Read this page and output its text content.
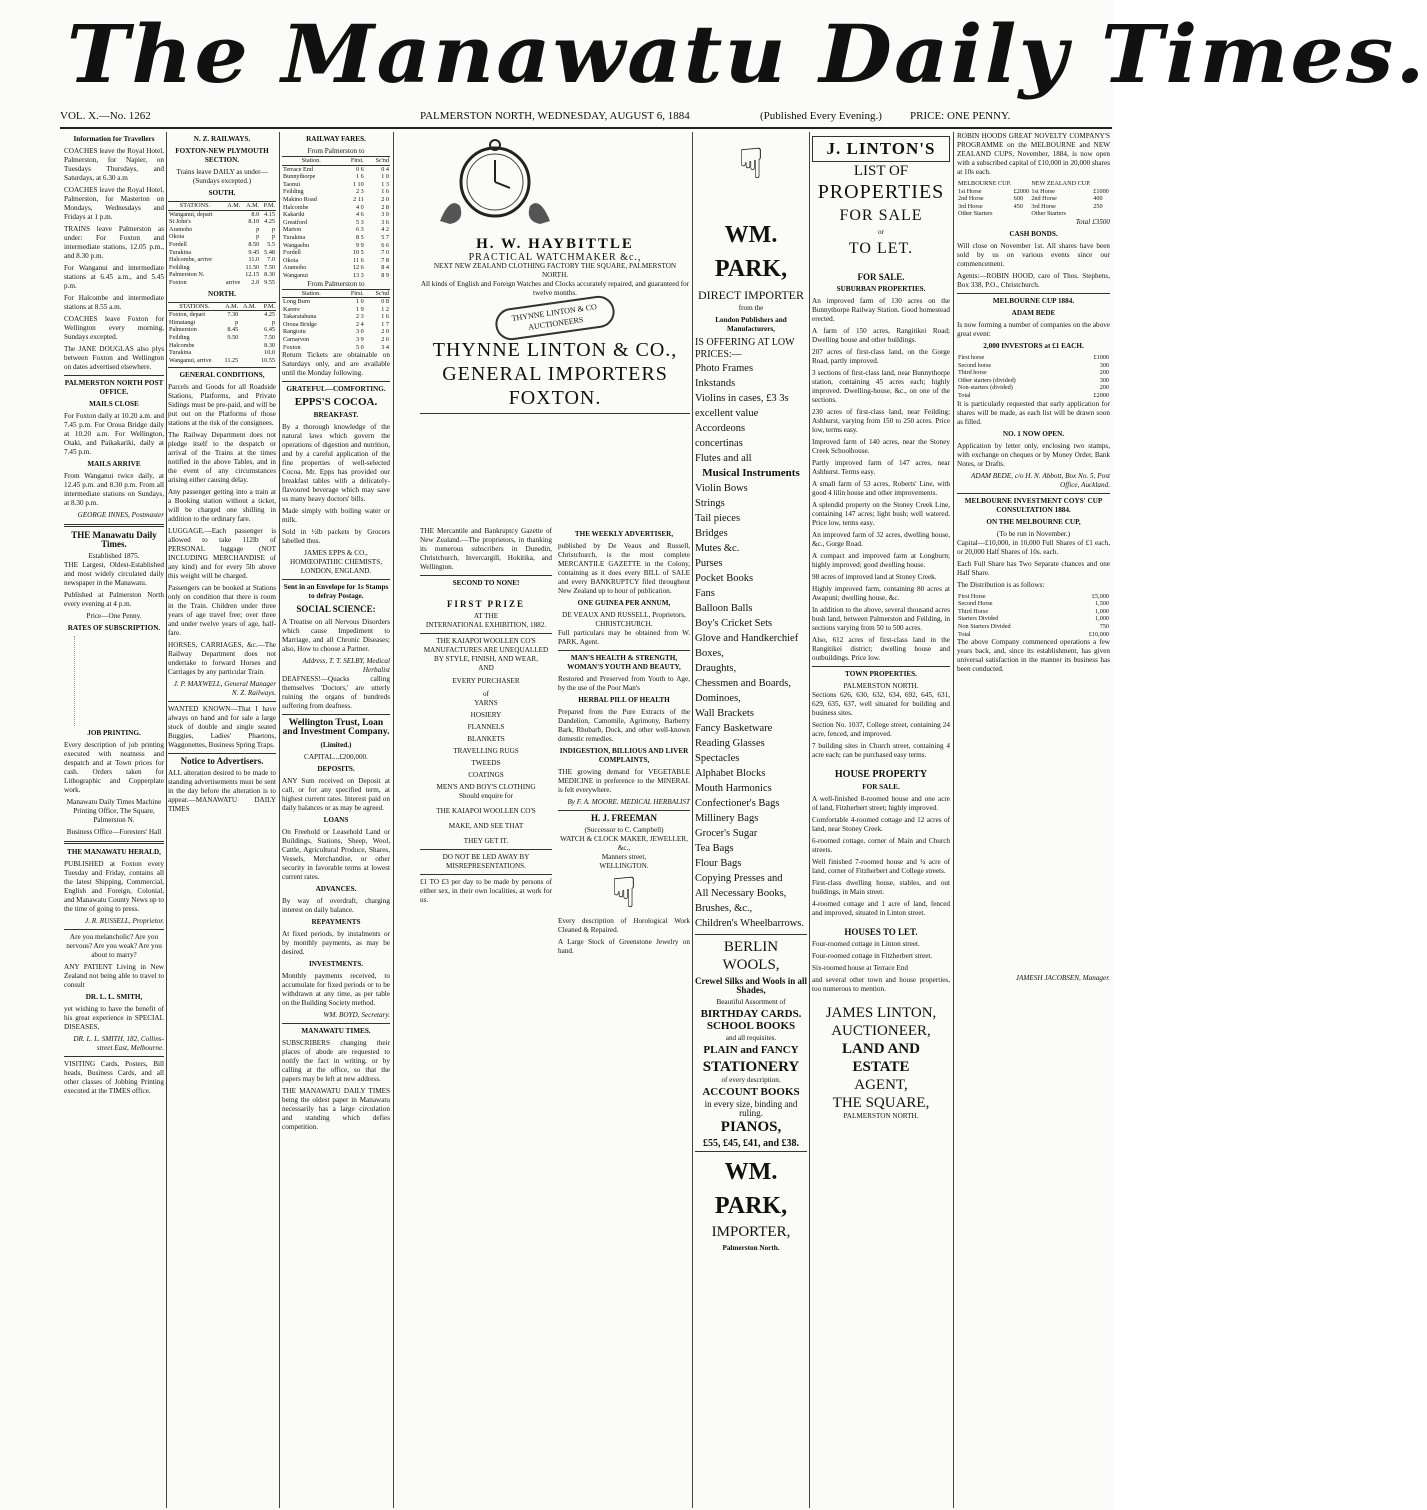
The Manawatu Daily Times.
VOL. X.—No. 1262	PALMERSTON NORTH, WEDNESDAY, AUGUST 6, 1884	(Published Every Evening.)	PRICE: ONE PENNY.
Information for Travellers

COACHES leave the Royal Hotel, Palmerston, for Napier, on Tuesdays Thursdays, and Saturdays, at 6.30 a.m

COACHES leave the Royal Hotel, Palmerston, for Masterton on Mondays, Wednesdays and Fridays at 1 p.m.

TRAINS leave Palmerston as under: For Foxton and intermediate stations, 12.05 p.m., and 8.30 p.m.

For Wanganui and intermediate stations at 6.45 a.m., and 5.45 p.m.

For Halcombe and intermediate stations at 8.55 a.m.

COACHES leave Foxton for Wellington every morning, Sundays excepted.

The JANE DOUGLAS also plys between Foxton and Wellington on dates advertised elsewhere.

PALMERSTON NORTH POST OFFICE.
MAILS CLOSE

For Foxton daily at 10.20 a.m. and 7.45 p.m. For Oroua Bridge daily at 10.20 a.m. For Wellington, Otaki, and Paikakariki, daily at 7.45 p.m.

MAILS ARRIVE

From Wanganui twice daily, at 12.45 p.m. and 8.30 p.m. From all intermediate stations on Sundays, at 8.30 p.m.

GEORGE INNES, Postmaster
THE Manawatu Daily Times.
Established 1875.

THE Largest, Oldest-Established and most widely circulated daily newspaper in the Manawatu.

Published at Palmerston North every evening at 4 p.m.

Price—One Penny.
RATES OF SUBSCRIPTION.
JOB PRINTING.

Every description of job printing executed with neatness and despatch and at Town prices for cash. Orders taken for Lithographic and Copperplate work.

Manawatu Daily Times Machine Printing Office, The Square, Palmerston N.

Business Office—Foresters' Hall

THE MANAWATU HERALD,

PUBLISHED at Foxton every Tuesday and Friday, contains all the latest Shipping, Commercial, English and Foreign, Colonial, and Manawatu County News up to the time of going to press.

J. R. RUSSELL, Proprietor.

Are you melancholic? Are you nervous? Are you weak? Are you about to marry?

ANY PATIENT Living in New Zealand not being able to travel to consult

DR. L. L. SMITH,

yet wishing to have the benefit of his great experience in SPECIAL DISEASES,

DR. L. L. SMITH, 182, Collins-street East, Melbourne.

VISITING Cards, Posters, Bill heads, Business Cards, and all other classes of Jobbing Printing executed at the TIMES office.

N. Z. RAILWAYS.
FOXTON-NEW PLYMOUTH SECTION.

Trains leave DAILY as under—(Sundays excepted.)

SOUTH.
STATIONS.	A.M.	A.M.	P.M.
Wanganui, depart		8.0	4.15
St John's		8.10	4.25
Aramoho		p	p
Okoia		p	p
Fordell		8.50	5.5
Turakina		9.45	5.48
Halcombe, arrive		11.0	7.0
Feilding		11.50	7.50
Palmerston N.		12.15	8.30
Foxton	arrive	2.0	9.55
NORTH.
STATIONS.	A.M.	A.M.	P.M.
Foxton, depart	7.30		4.25
Himatangi	p		p
Palmerston	8.45		6.45
Feilding	9.50		7.50
Halcombe			8.30
Turakina			10.0
Wanganui, arrive	11.25		10.55
GENERAL CONDITIONS,

Parcels and Goods for all Roadside Stations, Platforms, and Private Sidings must be pre-paid, and will be put out on the Platforms of those stations at the risk of the consignees.

The Railway Department does not pledge itself to the despatch or arrival of the Trains at the times notified in the above Tables, and in the event of any circumstances arising either causing delay.

Any passenger getting into a train at a Booking station without a ticket, will be charged one shilling in addition to the ordinary fare.

LUGGAGE.—Each passenger is allowed to take 112lb of PERSONAL luggage (NOT INCLUDING MERCHANDISE of any kind) and for every 5lb above this weight will be charged.

Passengers can be booked at Stations only on condition that there is room in the Train. Children under three years of age travel free; over three and under twelve years of age, half-fare.

HORSES, CARRIAGES, &c.—The Railway Department does not undertake to forward Horses and Carriages by any particular Train.

J. P. MAXWELL, General Manager N. Z. Railways.

WANTED KNOWN—That I have always on hand and for sale a large stock of double and single seated Buggies, Ladies' Phaetons, Waggonettes, Business Spring Traps.

Notice to Advertisers.

ALL alteration desired to be made to standing advertisements must be sent in the day before the alteration is to appear.—MANAWATU DAILY TIMES

RAILWAY FARES.
From Palmerston to
Station.	First.	Sc'nd
Terrace End	0 6	0 4
Bunnythorpe	1 6	1 0
Taonui	1 10	1 3
Feilding	2 3	1 6
Makino Road	2 11	2 0
Halcombe	4 0	2 8
Kakariki	4 6	3 0
Greatford	5 3	3 6
Marton	6 3	4 2
Turakina	8 5	5 7
Wangaehu	9 9	6 6
Fordell	10 5	7 0
Okoia	11 6	7 8
Aramoho	12 6	8 4
Wanganui	13 3	8 9
From Palmerston to
Station.	First.	Sc'nd
Long Burn	1 0	0 8
Karere	1 9	1 2
Takaratahuna	2 3	1 6
Oroua Bridge	2 4	1 7
Rangiotu	3 0	2 0
Carnarvon	3 9	2 6
Foxton	5 0	3 4

Return Tickets are obtainable on Saturdays only, and are available until the Monday following.

GRATEFUL—COMFORTING.
EPPS'S COCOA.
BREAKFAST.

By a thorough knowledge of the natural laws which govern the operations of digestion and nutrition, and by a careful application of the fine properties of well-selected Cocoa, Mr. Epps has provided our breakfast tables with a delicately-flavoured beverage which may save us many heavy doctors' bills.

Made simply with boiling water or milk.

Sold in ½lb packets by Grocers labelled thus.

JAMES EPPS & CO., HOMŒOPATHIC CHEMISTS, LONDON, ENGLAND.
Sent in an Envelope for 1s Stamps to defray Postage.
SOCIAL SCIENCE:

A Treatise on all Nervous Disorders which cause Impediment to Marriage, and all Chronic Diseases; also, How to choose a Partner.

Address, T. T. SELBY, Medical Herbalist

DEAFNESS!—Quacks calling themselves 'Doctors,' are utterly ruining the organs of hundreds suffering from deafness.

Wellington Trust, Loan and Investment Company.
(Limited.)
CAPITAL...£200,000.
DEPOSITS.

ANY Sum received on Deposit at call, or for any specified term, at highest current rates. Interest paid on daily balances or as may be agreed.

LOANS

On Freehold or Leasehold Land or Buildings, Stations, Sheep, Wool, Cattle, Agricultural Produce, Shares, Vessels, Merchandise, or other security in favorable terms at lowest current rates.

ADVANCES.

By way of overdraft, charging interest on daily balance.

REPAYMENTS

At fixed periods, by instalments or by monthly payments, as may be desired.

INVESTMENTS.

Monthly payments received, to accumulate for fixed periods or to be withdrawn at any time, as per table on the Building Society method.

WM. BOYD, Secretary.
MANAWATU TIMES.

SUBSCRIBERS changing their places of abode are requested to notify the fact in writing, or by calling at the office, so that the papers may be left at new address.

THE MANAWATU DAILY TIMES being the oldest paper in Manawatu necessarily has a large circulation and standing which defies competition.

H. W. HAYBITTLE
PRACTICAL WATCHMAKER &c.,
NEXT NEW ZEALAND CLOTHING FACTORY THE SQUARE, PALMERSTON NORTH.
All kinds of English and Foreign Watches and Clocks accurately repaired, and guaranteed for twelve months.
THYNNE LINTON & CO AUCTIONEERS
THYNNE LINTON & CO.,
GENERAL IMPORTERS
FOXTON.

THE Mercantile and Bankruptcy Gazette of New Zealand.—The proprietors, in thanking its numerous subscribers in Dunedin, Christchurch, Invercargill, Hokitika, and Wellington.

SECOND TO NONE!
FIRST PRIZE
AT THE
INTERNATIONAL EXHIBITION, 1882.
THE KAIAPOI WOOLLEN CO'S MANUFACTURES ARE UNEQUALLED BY STYLE, FINISH, AND WEAR,
AND
EVERY PURCHASER
of

YARNS

HOSIERY

FLANNELS

BLANKETS

TRAVELLING RUGS

TWEEDS

COATINGS

MEN'S AND BOY'S CLOTHING
Should enquire for
THE KAIAPOI WOOLLEN CO'S
MAKE, AND SEE THAT
THEY GET IT.
DO NOT BE LED AWAY BY MISREPRESENTATIONS.

£1 TO £3 per day to be made by persons of either sex, in their own localities, at work for us.

THE WEEKLY ADVERTISER,

published by De Veaux and Russell, Christchurch, is the most complete MERCANTILE GAZETTE in the Colony, containing as it does every BILL of SALE and every BANKRUPTCY filed throughout New Zealand up to hour of publication.

ONE GUINEA PER ANNUM,
DE VEAUX AND RUSSELL, Proprietors, CHRISTCHURCH.

Full particulars may be obtained from W. PARK, Agent.

MAN'S HEALTH & STRENGTH, WOMAN'S YOUTH AND BEAUTY,

Restored and Preserved from Youth to Age, by the use of the Poor Man's

HERBAL PILL OF HEALTH

Prepared from the Pure Extracts of the Dandelion, Camomile, Agrimony, Barberry Bark, Rhubarb, Dock, and other well-known domestic remedies.

INDIGESTION, BILLIOUS AND LIVER COMPLAINTS,

THE growing demand for VEGETABLE MEDICINE in preference to the MINERAL is felt everywhere.

By F. A. MOORE. MEDICAL HERBALIST
H. J. FREEMAN
(Successor to C. Campbell)
WATCH & CLOCK MAKER, JEWELLER, &c.,
Manners street,
WELLINGTON.
☟

Every description of Horological Work Cleaned & Repaired.

A Large Stock of Greenstone Jewelry on hand.

☟
WM. PARK,
DIRECT IMPORTER
from the
London Publishers and Manufacturers,
IS OFFERING AT LOW PRICES:—

Photo Frames

Inkstands

Violins in cases, £3 3s

excellent value

Accordeons

concertinas

Flutes and all

Musical Instruments

Violin Bows

Strings

Tail pieces

Bridges

Mutes &c.

Purses

Pocket Books

Fans

Balloon Balls

Boy's Cricket Sets

Glove and Handkerchief

Boxes,

Draughts,

Chessmen and Boards,

Dominoes,

Wall Brackets

Fancy Basketware

Reading Glasses

Spectacles

Alphabet Blocks

Mouth Harmonics

Confectioner's Bags

Millinery Bags

Grocer's Sugar

Tea Bags

Flour Bags

Copying Presses and

All Necessary Books,

Brushes, &c.,

Children's Wheelbarrows.

BERLIN WOOLS,
Crewel Silks and Wools in all Shades,
Beautiful Assortment of
BIRTHDAY CARDS.
SCHOOL BOOKS
and all requisites.
PLAIN and FANCY
STATIONERY
of every description.
ACCOUNT BOOKS
in every size, binding and ruling.
PIANOS,
£55, £45, £41, and £38.
WM. PARK,
IMPORTER,
Palmerston North.
J. LINTON'S
LIST OF
PROPERTIES
FOR SALE
or
TO LET.
FOR SALE.
SUBURBAN PROPERTIES.

An improved farm of 130 acres on the Bunnythorpe Railway Station. Good homestead erected.

A farm of 150 acres, Rangitikei Road; Dwelling house and other buildings.

207 acres of first-class land, on the Gorge Road, partly improved.

3 sections of first-class land, near Bunnythorpe station, containing 45 acres each; highly improved. Dwelling-house, &c., on one of the sections.

230 acres of first-class land, near Feilding; Ashhurst, varying from 150 to 250 acres. Price low, terms easy.

Improved farm of 140 acres, near the Stoney Creek Schoolhouse.

Partly improved farm of 147 acres, near Ashhurst. Terms easy.

A small farm of 53 acres, Roberts' Line, with good 4 lilin house and other improvements.

A splendid property on the Stoney Creek Line, containing 147 acres; light bush; well watered. Price low, terms easy.

An improved farm of 32 acres, dwelling house, &c., Gorge Road.

A compact and improved farm at Longburn; highly improved; good dwelling house.

98 acres of improved land at Stoney Creek.

Highly improved farm, containing 80 acres at Awapuni; dwelling house, &c.

In addition to the above, several thousand acres bush land, between Palmerston and Feilding, in sections varying from 50 to 500 acres.

Also, 612 acres of first-class land in the Rangitikei district; dwelling house and outbuildings. Price low.

TOWN PROPERTIES.
PALMERSTON NORTH.

Sections 626, 630, 632, 634, 692, 645, 631, 629, 635, 637, well situated for building and business sites.

Section No. 1037, College street, containing 24 acre, fenced, and improved.

7 building sites in Church street, containing 4 acre each; can be purchased easy terms.

HOUSE PROPERTY
FOR SALE.

A well-finished 8-roomed house and one acre of land, Fitzherbert street; highly improved.

Comfortable 4-roomed cottage and 12 acres of land, near Stoney Creek.

6-roomed cottage, corner of Main and Church streets.

Well finished 7-roomed house and ¼ acre of land, corner of Fitzherbert and College streets.

First-class dwelling house, stables, and out buildings, in Main street.

4-roomed cottage and 1 acre of land, fenced and improved, situated in Linton street.

HOUSES TO LET.

Four-roomed cottage in Linton street.

Four-roomed cottage in Fitzherbert street.

Six-roomed house at Terrace End

and several other town and house properties, too numerous to mention.

JAMES LINTON,
AUCTIONEER,
LAND AND ESTATE
AGENT,
THE SQUARE,
PALMERSTON NORTH.

ROBIN HOODS GREAT NOVELTY COMPANY'S PROGRAMME on the MELBOURNE and NEW ZEALAND CUPS, November, 1884, is now open with a subscribed capital of £10,000 in 20,000 shares at 10s each.

MELBOURNE CUP.		NEW ZEALAND CUP.	
1st Horse	£2000	1st Horse	£1000
2nd Horse	600	2nd Horse	400
3rd Horse	450	3rd Horse	250
Other Starters		Other Starters	
Total £3500
CASH BONDS.

Will close on November 1st. All shares have been sold by us on various events since our commencement.

Agents:—ROBIN HOOD, care of Thos. Stephens, Box 338, P.O., Christchurch.

MELBOURNE CUP 1884.
ADAM BEDE

Is now forming a number of companies on the above great event:

2,000 INVESTORS at £1 EACH.
First horse	£1000
Second horse	300
Third horse	200
Other starters (divided)	300
Non-starters (divided)	200
Total	£2000

It is particularly requested that early application for shares will be made, as each list will be drawn soon as filled.

NO. 1 NOW OPEN.

Application by letter only, enclosing two stamps, with exchange on cheques or by Money Order, Bank Notes, or Drafts.

ADAM BEDE, c/o H. N. Abbott, Box No. 5, Post Office, Auckland.
MELBOURNE INVESTMENT COYS' CUP CONSULTATION 1884.
ON THE MELBOURNE CUP,
(To be run in November.)

Capital—£10,000, in 10,000 Full Shares of £1 each, or 20,000 Half Shares of 10s. each.

Each Full Share has Two Separate chances and one Half Share.

The Distribution is as follows:

First Horse	£5,000
Second Horse	1,500
Third Horse	1,000
Starters Divided	1,000
Non Starters Divided	750
Total	£10,000

The above Company commenced operations a few years back, and, since its establishment, has given universal satisfaction in the manner its business has been conducted.

JAMESH JACOBSEN, Manager.
